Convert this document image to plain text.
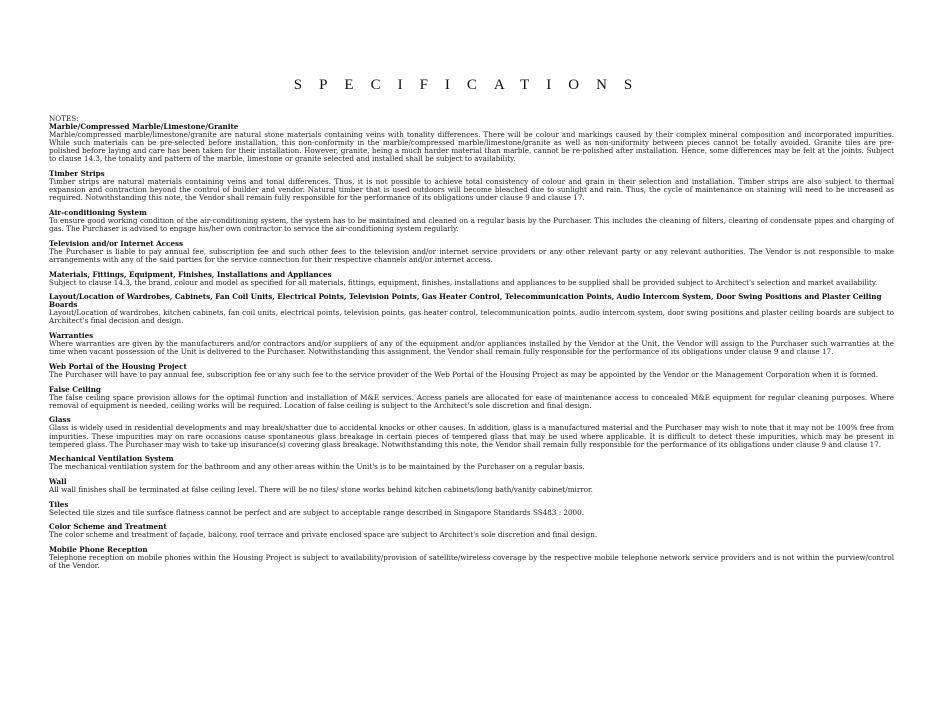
SPECIFICATIONS
NOTES:
Marble/Compressed Marble/Limestone/Granite
Marble/compressed marble/limestone/granite are natural stone materials containing veins with tonality differences. There will be colour and markings caused by their complex mineral composition and incorporated impurities. While such materials can be pre-selected before installation, this non-conformity in the marble/compressed marble/limestone/granite as well as non-uniformity between pieces cannot be totally avoided. Granite tiles are pre-polished before laying and care has been taken for their installation. However, granite, being a much harder material than marble, cannot be re-polished after installation. Hence, some differences may be felt at the joints. Subject to clause 14.3, the tonality and pattern of the marble, limestone or granite selected and installed shall be subject to availability.
Timber Strips
Timber strips are natural materials containing veins and tonal differences. Thus, it is not possible to achieve total consistency of colour and grain in their selection and installation. Timber strips are also subject to thermal expansion and contraction beyond the control of builder and vendor. Natural timber that is used outdoors will become bleached due to sunlight and rain. Thus, the cycle of maintenance on staining will need to be increased as required. Notwithstanding this note, the Vendor shall remain fully responsible for the performance of its obligations under clause 9 and clause 17.
Air-conditioning System
To ensure good working condition of the air-conditioning system, the system has to be maintained and cleaned on a regular basis by the Purchaser. This includes the cleaning of filters, clearing of condensate pipes and charging of gas. The Purchaser is advised to engage his/her own contractor to service the air-conditioning system regularly.
Television and/or Internet Access
The Purchaser is liable to pay annual fee, subscription fee and such other fees to the television and/or internet service providers or any other relevant party or any relevant authorities. The Vendor is not responsible to make arrangements with any of the said parties for the service connection for their respective channels and/or internet access.
Materials, Fittings, Equipment, Finishes, Installations and Appliances
Subject to clause 14.3, the brand, colour and model as specified for all materials, fittings, equipment, finishes, installations and appliances to be supplied shall be provided subject to Architect's selection and market availability.
Layout/Location of Wardrobes, Cabinets, Fan Coil Units, Electrical Points, Television Points, Gas Heater Control, Telecommunication Points, Audio Intercom System, Door Swing Positions and Plaster Ceiling Boards
Layout/Location of wardrobes, kitchen cabinets, fan coil units, electrical points, television points, gas heater control, telecommunication points, audio intercom system, door swing positions and plaster ceiling boards are subject to Architect's final decision and design.
Warranties
Where warranties are given by the manufacturers and/or contractors and/or suppliers of any of the equipment and/or appliances installed by the Vendor at the Unit, the Vendor will assign to the Purchaser such warranties at the time when vacant possession of the Unit is delivered to the Purchaser. Notwithstanding this assignment, the Vendor shall remain fully responsible for the performance of its obligations under clause 9 and clause 17.
Web Portal of the Housing Project
The Purchaser will have to pay annual fee, subscription fee or any such fee to the service provider of the Web Portal of the Housing Project as may be appointed by the Vendor or the Management Corporation when it is formed.
False Ceiling
The false ceiling space provision allows for the optimal function and installation of M&E services. Access panels are allocated for ease of maintenance access to concealed M&E equipment for regular cleaning purposes. Where removal of equipment is needed, ceiling works will be required. Location of false ceiling is subject to the Architect's sole discretion and final design.
Glass
Glass is widely used in residential developments and may break/shatter due to accidental knocks or other causes. In addition, glass is a manufactured material and the Purchaser may wish to note that it may not be 100% free from impurities. These impurities may on rare occasions cause spontaneous glass breakage in certain pieces of tempered glass that may be used where applicable. It is difficult to detect these impurities, which may be present in tempered glass. The Purchaser may wish to take up insurance(s) covering glass breakage. Notwithstanding this note, the Vendor shall remain fully responsible for the performance of its obligations under clause 9 and clause 17.
Mechanical Ventilation System
The mechanical ventilation system for the bathroom and any other areas within the Unit's is to be maintained by the Purchaser on a regular basis.
Wall
All wall finishes shall be terminated at false ceiling level. There will be no tiles/ stone works behind kitchen cabinets/long bath/vanity cabinet/mirror.
Tiles
Selected tile sizes and tile surface flatness cannot be perfect and are subject to acceptable range described in Singapore Standards SS483 : 2000.
Color Scheme and Treatment
The color scheme and treatment of façade, balcony, roof terrace and private enclosed space are subject to Architect's sole discretion and final design.
Mobile Phone Reception
Telephone reception on mobile phones within the Housing Project is subject to availability/provision of satellite/wireless coverage by the respective mobile telephone network service providers and is not within the purview/control of the Vendor.
